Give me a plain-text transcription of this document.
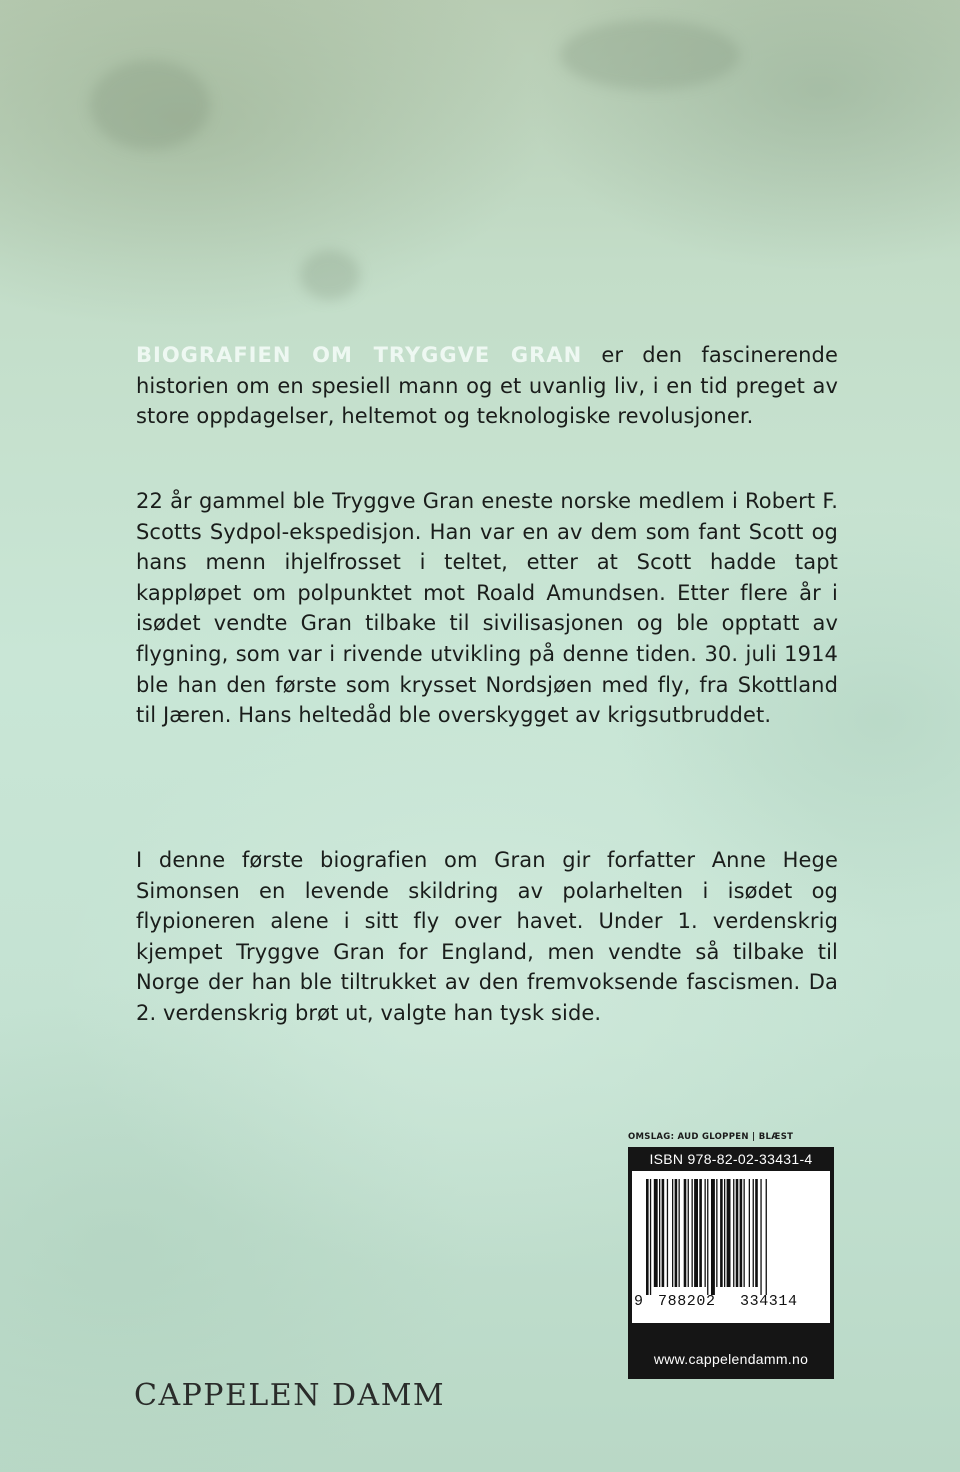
BIOGRAFIEN OM TRYGGVE GRAN er den fascinerende historien om en spesiell mann og et uvanlig liv, i en tid preget av store oppdagelser, heltemot og teknologiske revolusjoner.

22 år gammel ble Tryggve Gran eneste norske medlem i Robert F. Scotts Sydpol-ekspedisjon. Han var en av dem som fant Scott og hans menn ihjelfrosset i teltet, etter at Scott hadde tapt kappløpet om polpunktet mot Roald Amundsen. Etter flere år i isødet vendte Gran tilbake til sivilisasjonen og ble opptatt av flygning, som var i rivende utvikling på denne tiden. 30. juli 1914 ble han den første som krysset Nordsjøen med fly, fra Skottland til Jæren. Hans heltedåd ble overskygget av krigsutbruddet.

I denne første biografien om Gran gir forfatter Anne Hege Simonsen en levende skildring av polarhelten i isødet og flypioneren alene i sitt fly over havet. Under 1. verdenskrig kjempet Tryggve Gran for England, men vendte så tilbake til Norge der han ble tiltrukket av den fremvoksende fascismen. Da 2. verdenskrig brøt ut, valgte han tysk side.

OMSLAG: AUD GLOPPEN | BLÆST
ISBN 978-82-02-33431-4
9 788202 334314
www.cappelendamm.no
CAPPELEN DAMM
